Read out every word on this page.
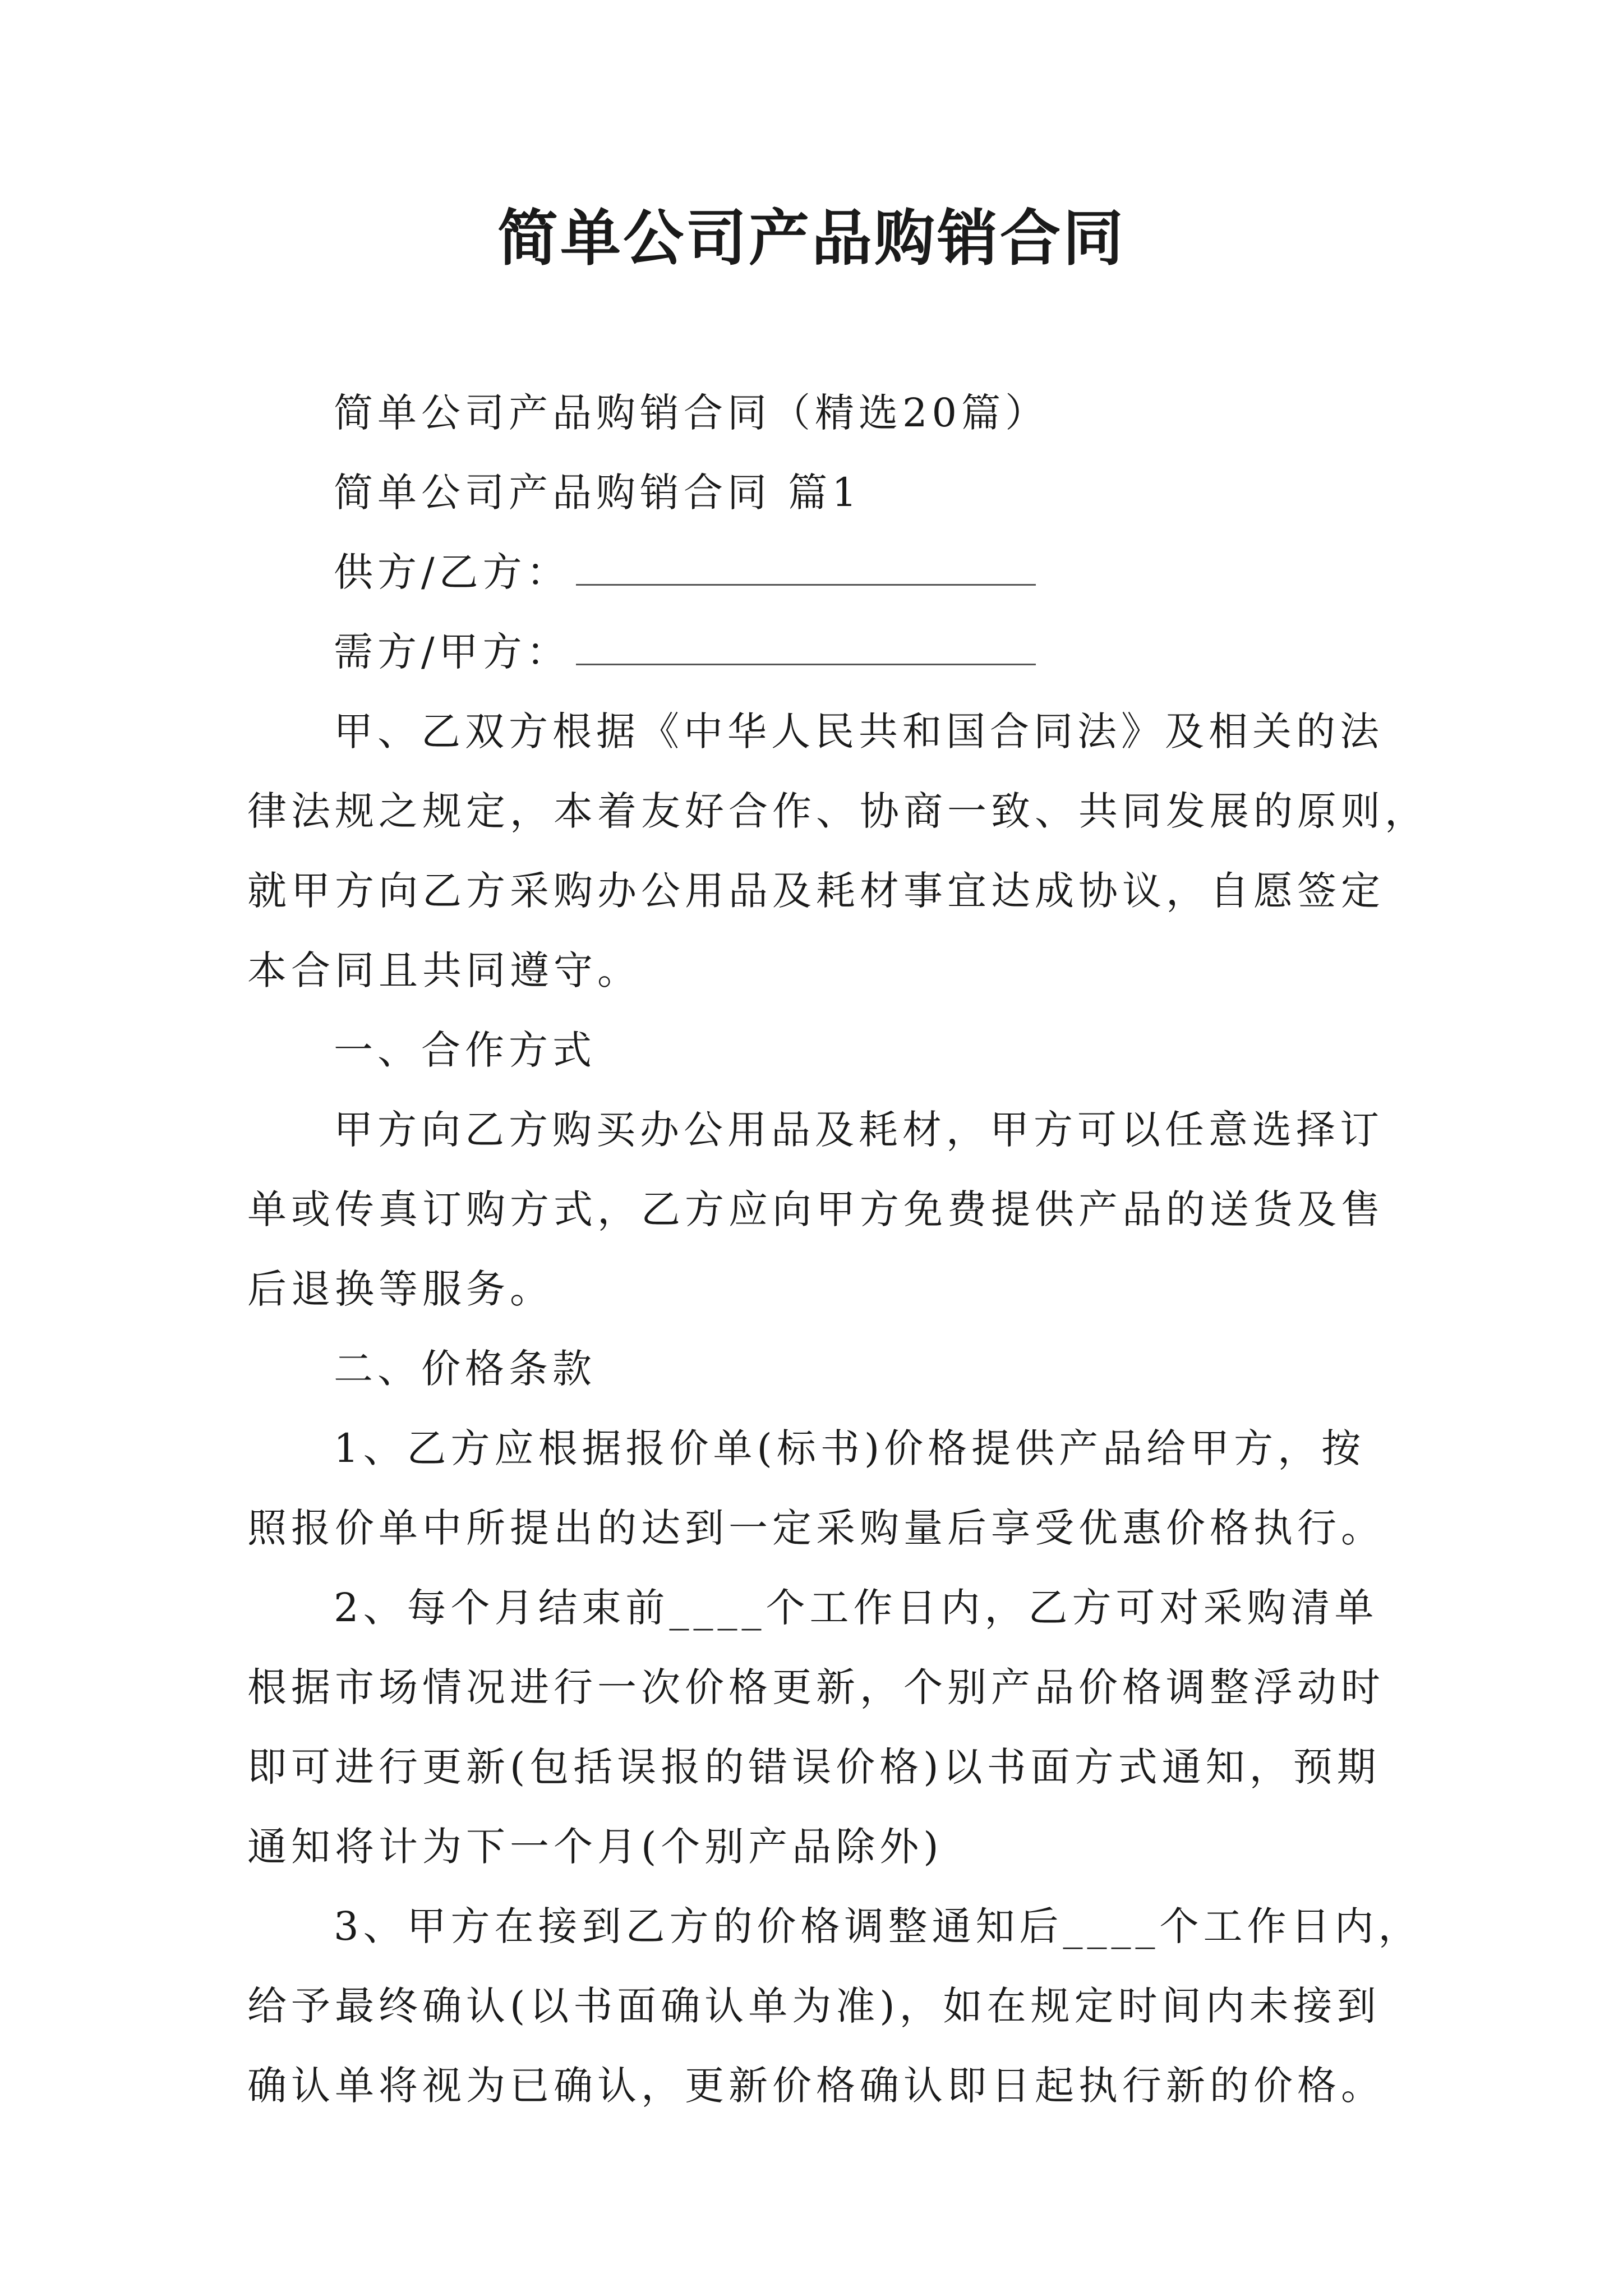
简单公司产品购销合同
简单公司产品购销合同（精选20篇）
简单公司产品购销合同 篇1
供方/乙方：
需方/甲方：
甲、乙双方根据《中华人民共和国合同法》及相关的法
律法规之规定，本着友好合作、协商一致、共同发展的原则，
就甲方向乙方采购办公用品及耗材事宜达成协议，自愿签定
本合同且共同遵守。
一、合作方式
甲方向乙方购买办公用品及耗材，甲方可以任意选择订
单或传真订购方式，乙方应向甲方免费提供产品的送货及售
后退换等服务。
二、价格条款
1、乙方应根据报价单(标书)价格提供产品给甲方，按
照报价单中所提出的达到一定采购量后享受优惠价格执行。
2、每个月结束前____个工作日内，乙方可对采购清单
根据市场情况进行一次价格更新，个别产品价格调整浮动时
即可进行更新(包括误报的错误价格)以书面方式通知，预期
通知将计为下一个月(个别产品除外)
3、甲方在接到乙方的价格调整通知后____个工作日内，
给予最终确认(以书面确认单为准)，如在规定时间内未接到
确认单将视为已确认，更新价格确认即日起执行新的价格。
